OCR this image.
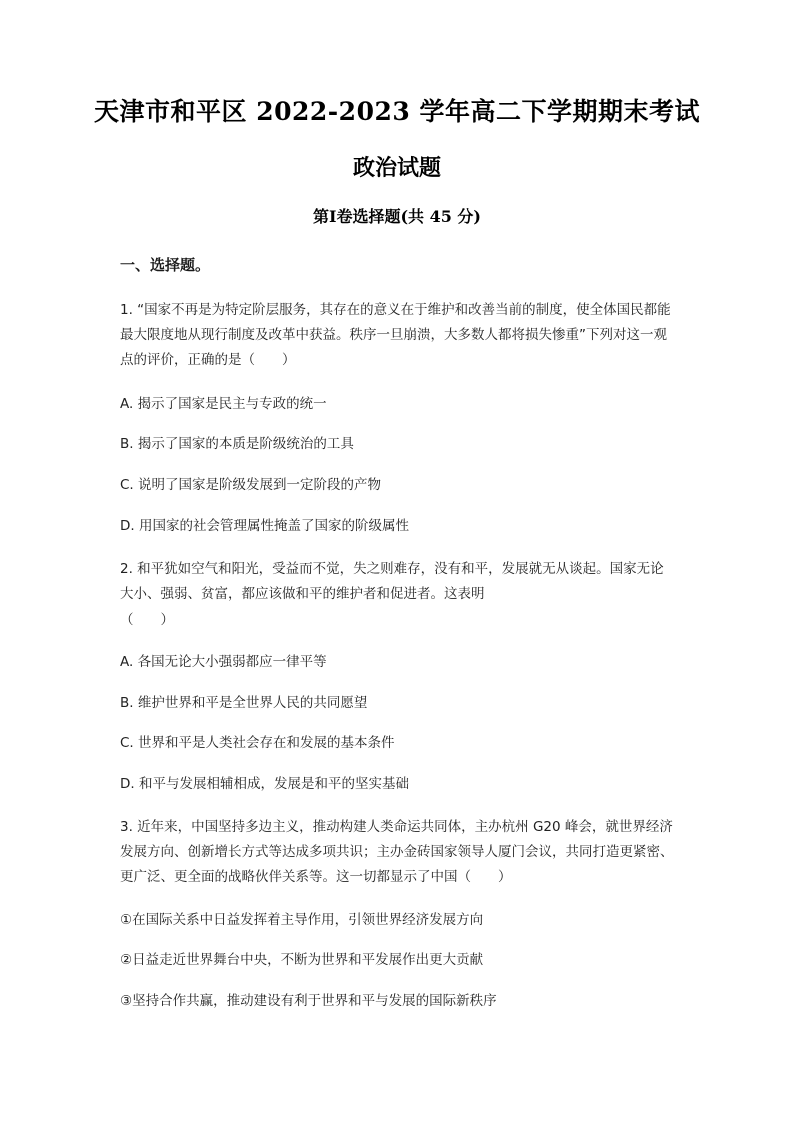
天津市和平区 2022-2023 学年高二下学期期末考试
政治试题
第Ⅰ卷选择题(共 45 分)
一、选择题。
1. “国家不再是为特定阶层服务，其存在的意义在于维护和改善当前的制度，使全体国民都能最大限度地从现行制度及改革中获益。秩序一旦崩溃，大多数人都将损失惨重”下列对这一观点的评价，正确的是（　　）
A. 揭示了国家是民主与专政的统一
B. 揭示了国家的本质是阶级统治的工具
C. 说明了国家是阶级发展到一定阶段的产物
D. 用国家的社会管理属性掩盖了国家的阶级属性
2. 和平犹如空气和阳光，受益而不觉，失之则难存，没有和平，发展就无从谈起。国家无论大小、强弱、贫富，都应该做和平的维护者和促进者。这表明
（　　）
A. 各国无论大小强弱都应一律平等
B. 维护世界和平是全世界人民的共同愿望
C. 世界和平是人类社会存在和发展的基本条件
D. 和平与发展相辅相成，发展是和平的坚实基础
3. 近年来，中国坚持多边主义，推动构建人类命运共同体，主办杭州 G20 峰会，就世界经济发展方向、创新增长方式等达成多项共识；主办金砖国家领导人厦门会议，共同打造更紧密、更广泛、更全面的战略伙伴关系等。这一切都显示了中国（　　）
①在国际关系中日益发挥着主导作用，引领世界经济发展方向
②日益走近世界舞台中央，不断为世界和平发展作出更大贡献
③坚持合作共赢，推动建设有利于世界和平与发展的国际新秩序
